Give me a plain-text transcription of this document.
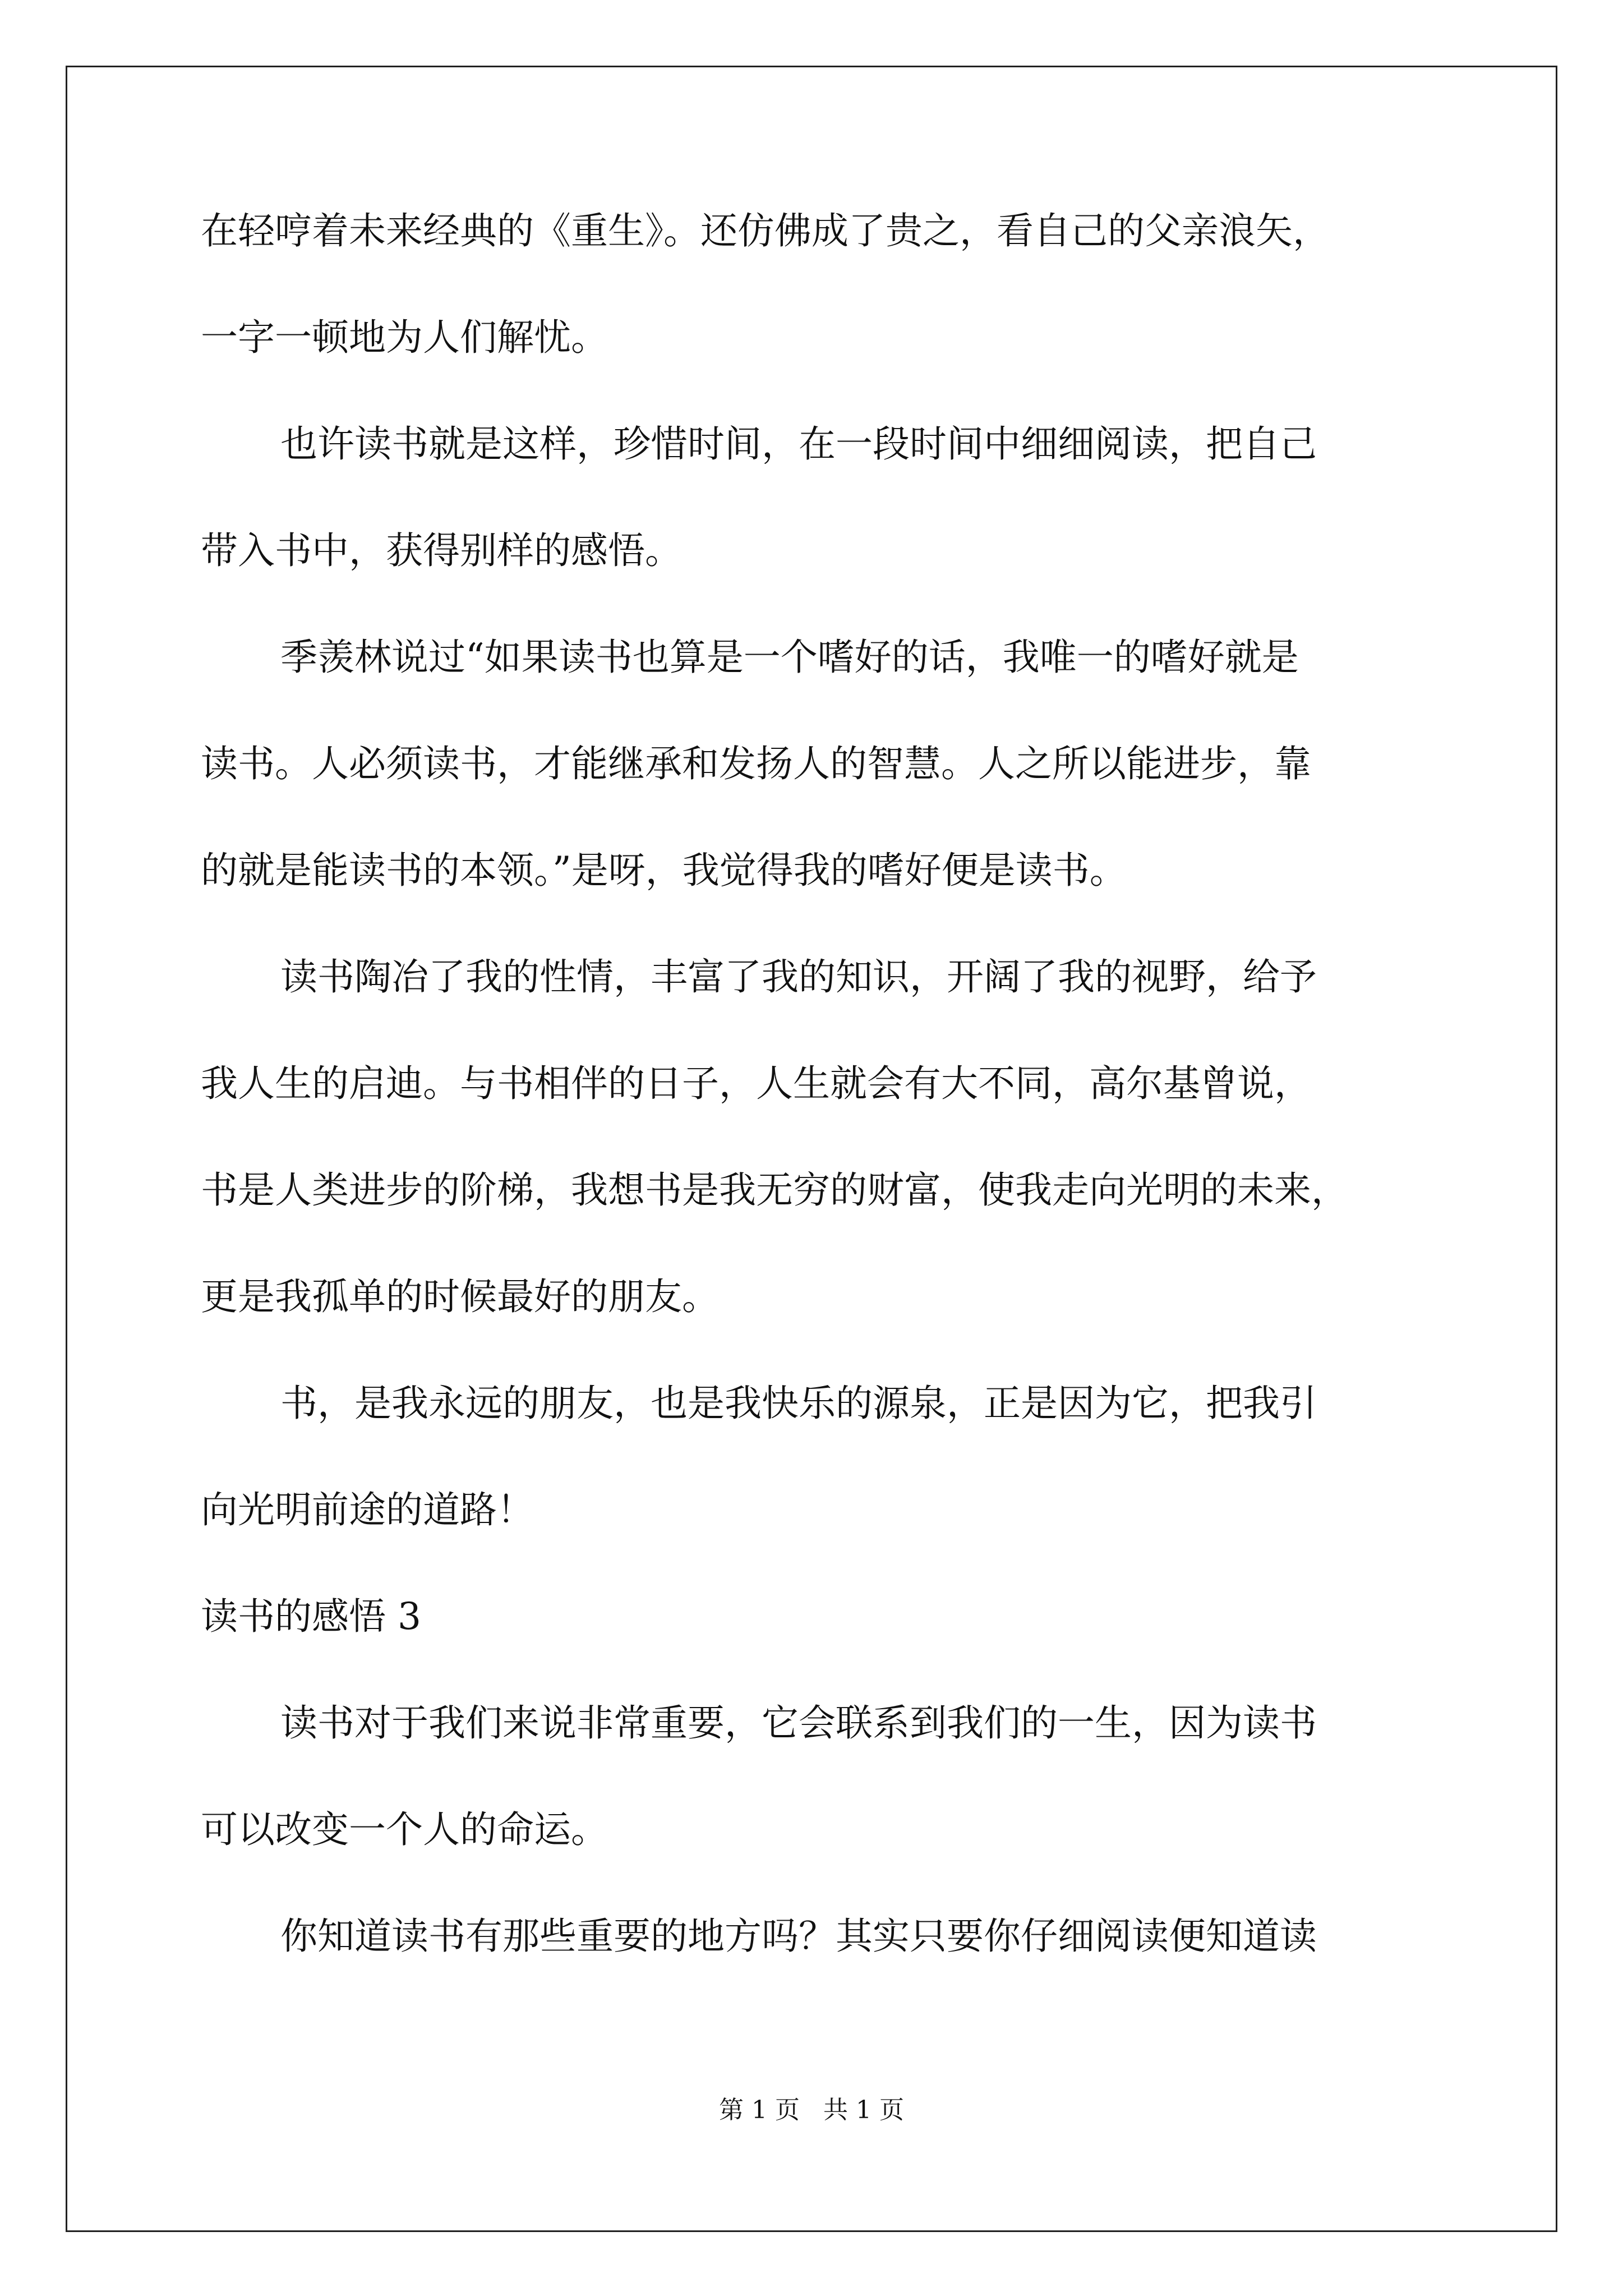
在轻哼着未来经典的《重生》。还仿佛成了贵之，看自己的父亲浪矢，
一字一顿地为人们解忧。
也许读书就是这样，珍惜时间，在一段时间中细细阅读，把自己
带入书中，获得别样的感悟。
季羡林说过“如果读书也算是一个嗜好的话，我唯一的嗜好就是
读书。人必须读书，才能继承和发扬人的智慧。人之所以能进步，靠
的就是能读书的本领。”是呀，我觉得我的嗜好便是读书。
读书陶冶了我的性情，丰富了我的知识，开阔了我的视野，给予
我人生的启迪。与书相伴的日子，人生就会有大不同，高尔基曾说，
书是人类进步的阶梯，我想书是我无穷的财富，使我走向光明的未来，
更是我孤单的时候最好的朋友。
书，是我永远的朋友，也是我快乐的源泉，正是因为它，把我引
向光明前途的道路！
读书的感悟 3
读书对于我们来说非常重要，它会联系到我们的一生，因为读书
可以改变一个人的命运。
你知道读书有那些重要的地方吗？其实只要你仔细阅读便知道读
第 1 页   共 1 页
